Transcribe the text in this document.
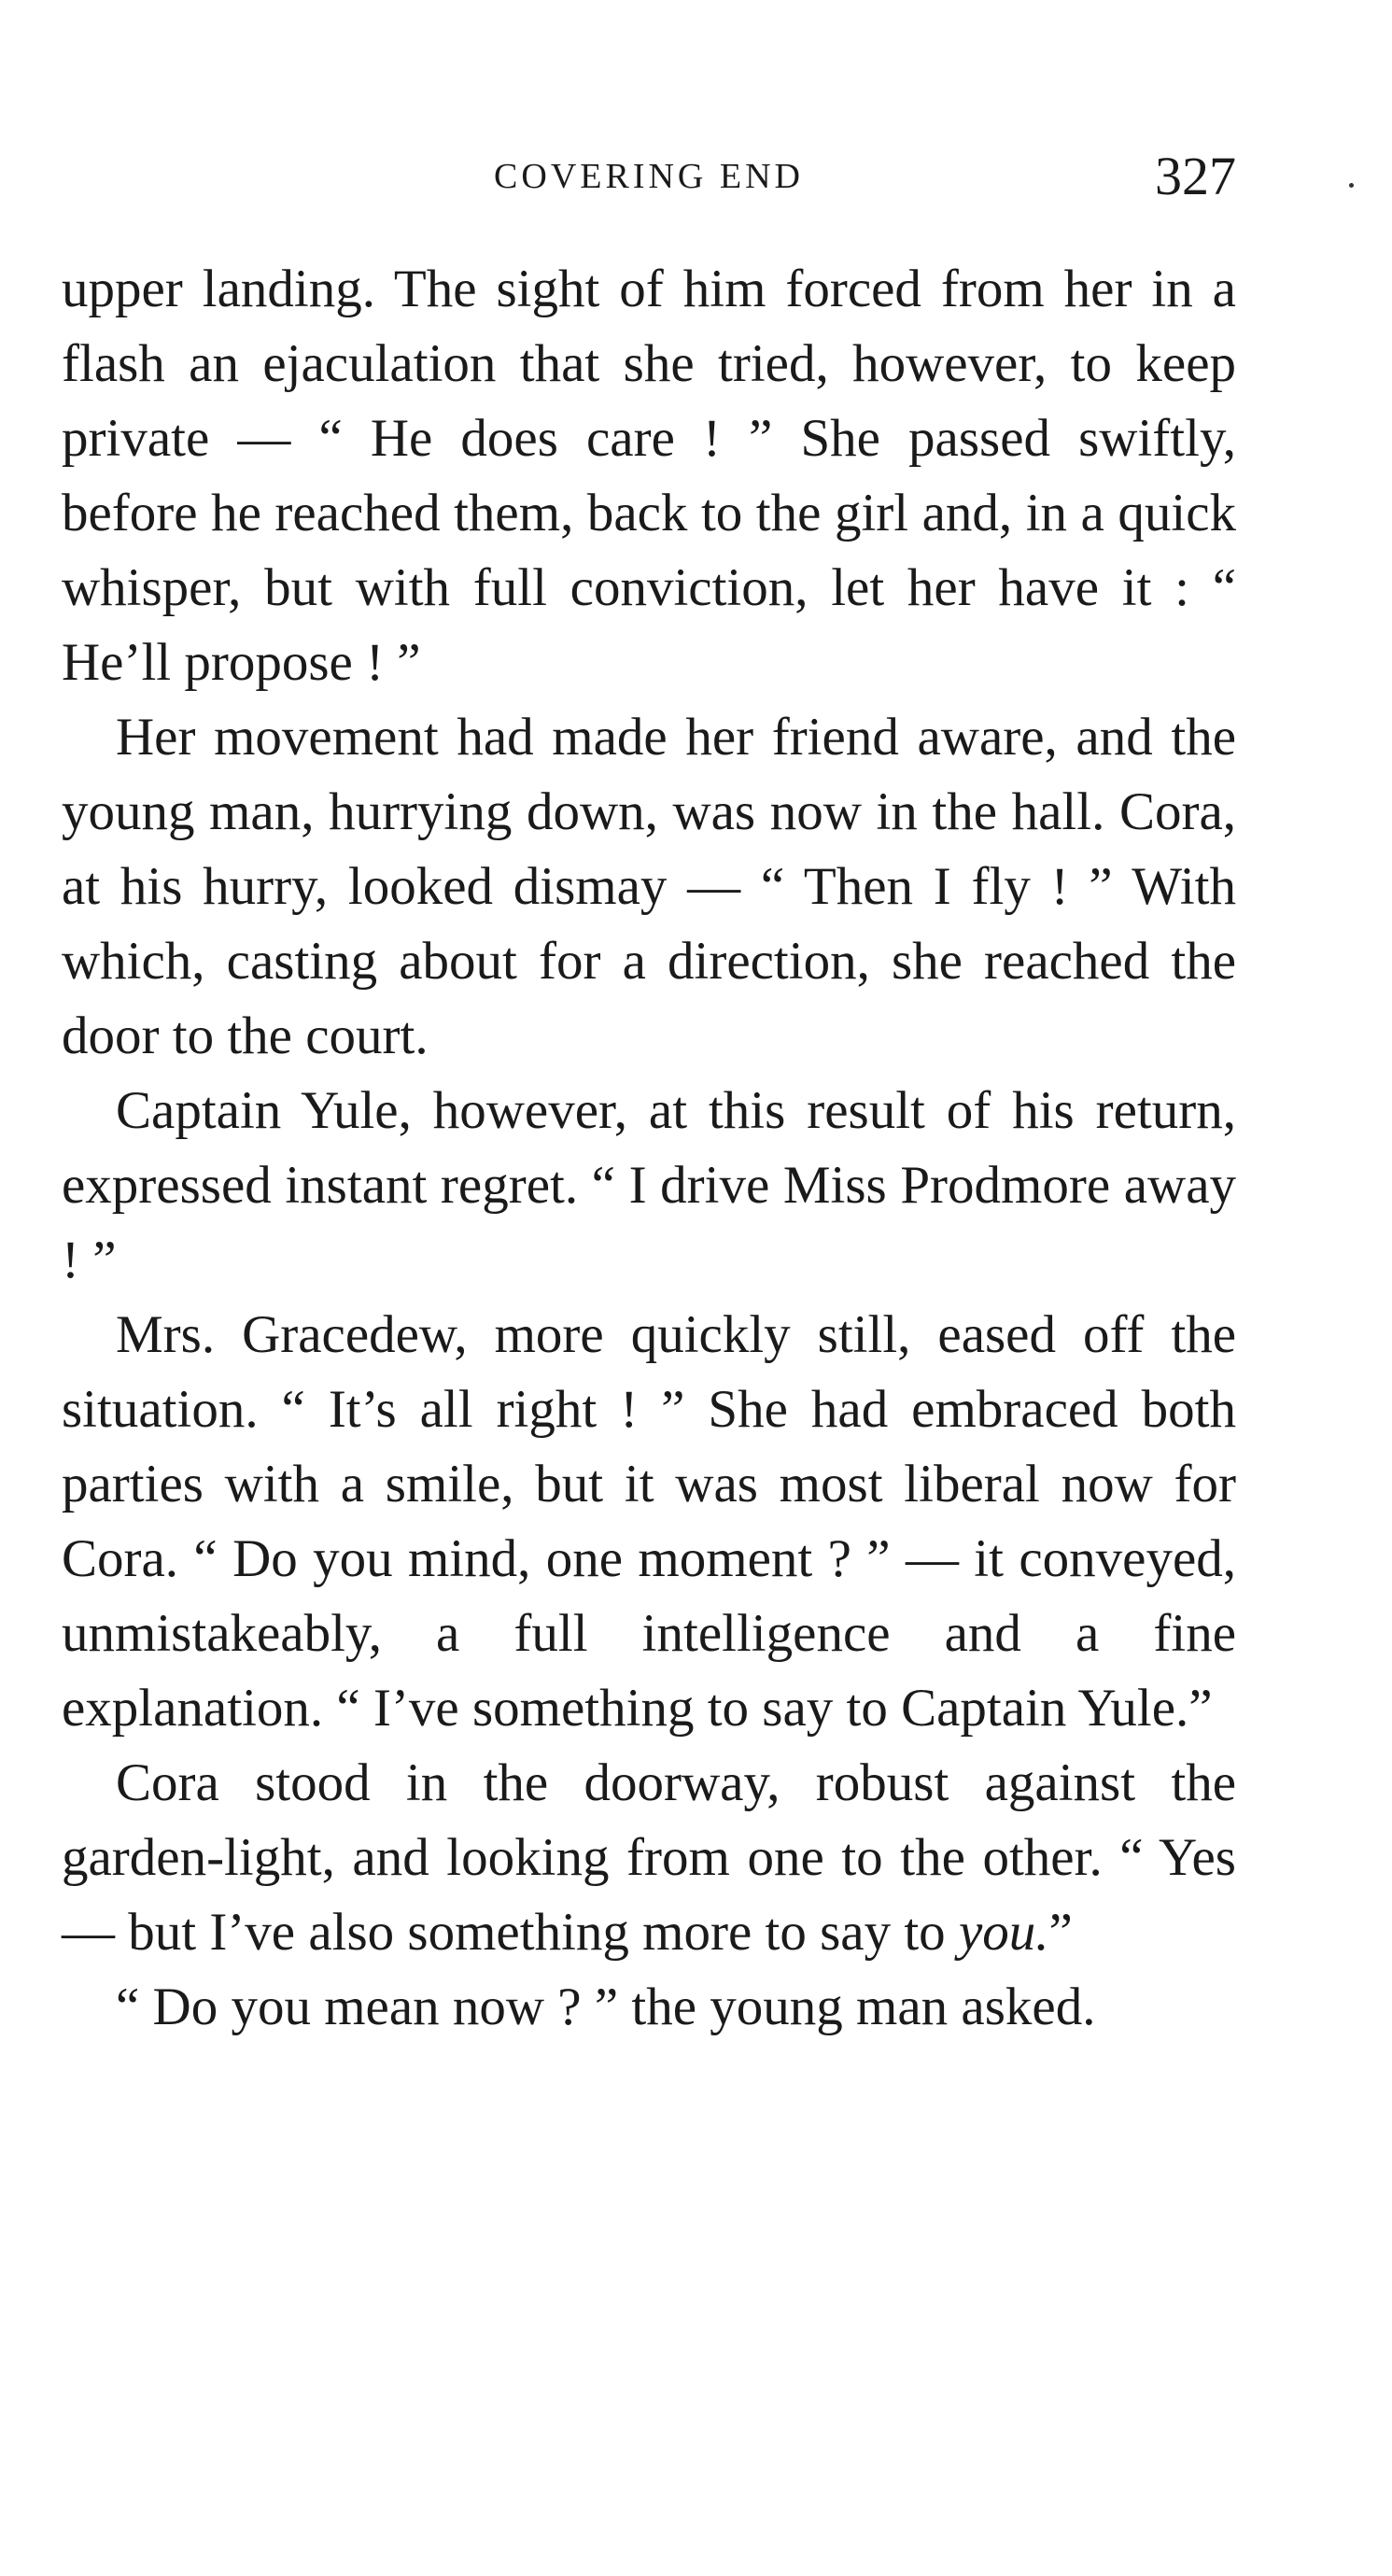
COVERING END	327

upper landing. The sight of him forced from her in a flash an ejaculation that she tried, however, to keep private — “ He does care ! ” She passed swiftly, before he reached them, back to the girl and, in a quick whisper, but with full conviction, let her have it : “ He’ll propose ! ”

Her movement had made her friend aware, and the young man, hurrying down, was now in the hall. Cora, at his hurry, looked dismay — “ Then I fly ! ” With which, casting about for a direction, she reached the door to the court.

Captain Yule, however, at this result of his return, expressed instant regret. “ I drive Miss Prodmore away ! ”

Mrs. Gracedew, more quickly still, eased off the situation. “ It’s all right ! ” She had embraced both parties with a smile, but it was most liberal now for Cora. “ Do you mind, one moment ? ” — it conveyed, unmistakeably, a full intelligence and a fine explanation. “ I’ve something to say to Captain Yule.”

Cora stood in the doorway, robust against the garden-light, and looking from one to the other. “ Yes — but I’ve also something more to say to you.”

“ Do you mean now ? ” the young man asked.
